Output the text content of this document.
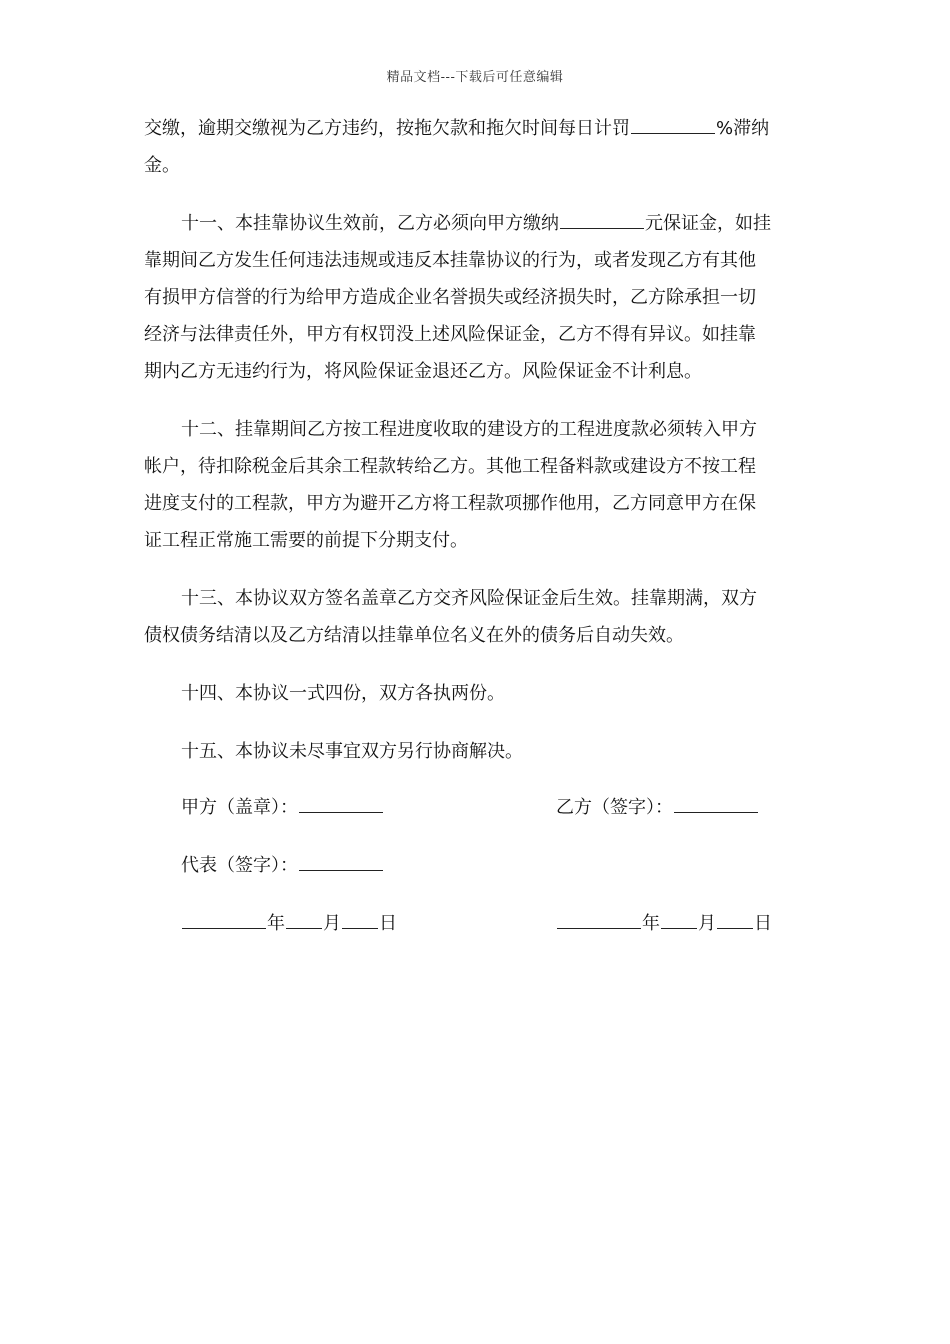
精品文档---下载后可任意编辑

交缴，逾期交缴视为乙方违约，按拖欠款和拖欠时间每日计罚	%滞纳
金。

十一、本挂靠协议生效前，乙方必须向甲方缴纳	元保证金，如挂
靠期间乙方发生任何违法违规或违反本挂靠协议的行为，或者发现乙方有其他
有损甲方信誉的行为给甲方造成企业名誉损失或经济损失时，乙方除承担一切
经济与法律责任外，甲方有权罚没上述风险保证金，乙方不得有异议。如挂靠
期内乙方无违约行为，将风险保证金退还乙方。风险保证金不计利息。

十二、挂靠期间乙方按工程进度收取的建设方的工程进度款必须转入甲方
帐户，待扣除税金后其余工程款转给乙方。其他工程备料款或建设方不按工程
进度支付的工程款，甲方为避开乙方将工程款项挪作他用，乙方同意甲方在保
证工程正常施工需要的前提下分期支付。

十三、本协议双方签名盖章乙方交齐风险保证金后生效。挂靠期满，双方
债权债务结清以及乙方结清以挂靠单位名义在外的债务后自动失效。

十四、本协议一式四份，双方各执两份。

十五、本协议未尽事宜双方另行协商解决。

甲方（盖章）：	乙方（签字）：
代表（签字）：
年 月 日	年 月 日
